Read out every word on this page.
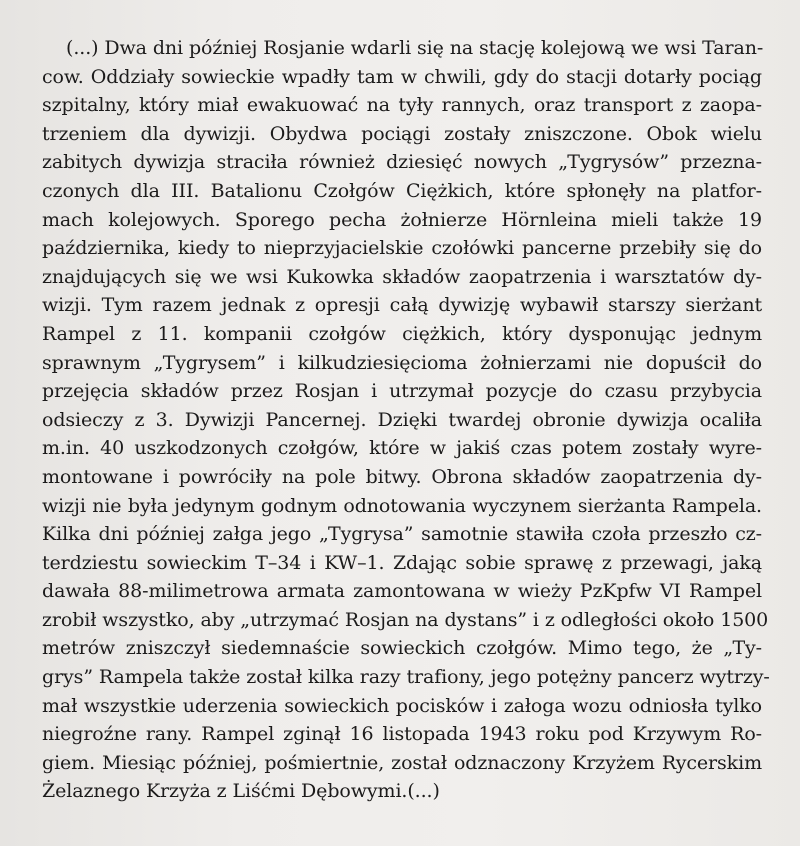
(...) Dwa dni później Rosjanie wdarli się na stację kolejową we wsi Taran-
cow. Oddziały sowieckie wpadły tam w chwili, gdy do stacji dotarły pociąg
szpitalny, który miał ewakuować na tyły rannych, oraz transport z zaopa-
trzeniem dla dywizji. Obydwa pociągi zostały zniszczone. Obok wielu
zabitych dywizja straciła również dziesięć nowych „Tygrysów” przezna-
czonych dla III. Batalionu Czołgów Ciężkich, które spłonęły na platfor-
mach kolejowych. Sporego pecha żołnierze Hörnleina mieli także 19
października, kiedy to nieprzyjacielskie czołówki pancerne przebiły się do
znajdujących się we wsi Kukowka składów zaopatrzenia i warsztatów dy-
wizji. Tym razem jednak z opresji całą dywizję wybawił starszy sierżant
Rampel z 11. kompanii czołgów ciężkich, który dysponując jednym
sprawnym „Tygrysem” i kilkudziesięcioma żołnierzami nie dopuścił do
przejęcia składów przez Rosjan i utrzymał pozycje do czasu przybycia
odsieczy z 3. Dywizji Pancernej. Dzięki twardej obronie dywizja ocaliła
m.in. 40 uszkodzonych czołgów, które w jakiś czas potem zostały wyre-
montowane i powróciły na pole bitwy. Obrona składów zaopatrzenia dy-
wizji nie była jedynym godnym odnotowania wyczynem sierżanta Rampela.
Kilka dni później załga jego „Tygrysa” samotnie stawiła czoła przeszło cz-
terdziestu sowieckim T–34 i KW–1. Zdając sobie sprawę z przewagi, jaką
dawała 88-milimetrowa armata zamontowana w wieży PzKpfw VI Rampel
zrobił wszystko, aby „utrzymać Rosjan na dystans” i z odległości około 1500
metrów zniszczył siedemnaście sowieckich czołgów. Mimo tego, że „Ty-
grys” Rampela także został kilka razy trafiony, jego potężny pancerz wytrzy-
mał wszystkie uderzenia sowieckich pocisków i załoga wozu odniosła tylko
niegroźne rany. Rampel zginął 16 listopada 1943 roku pod Krzywym Ro-
giem. Miesiąc później, pośmiertnie, został odznaczony Krzyżem Rycerskim
Żelaznego Krzyża z Liśćmi Dębowymi.(...)
